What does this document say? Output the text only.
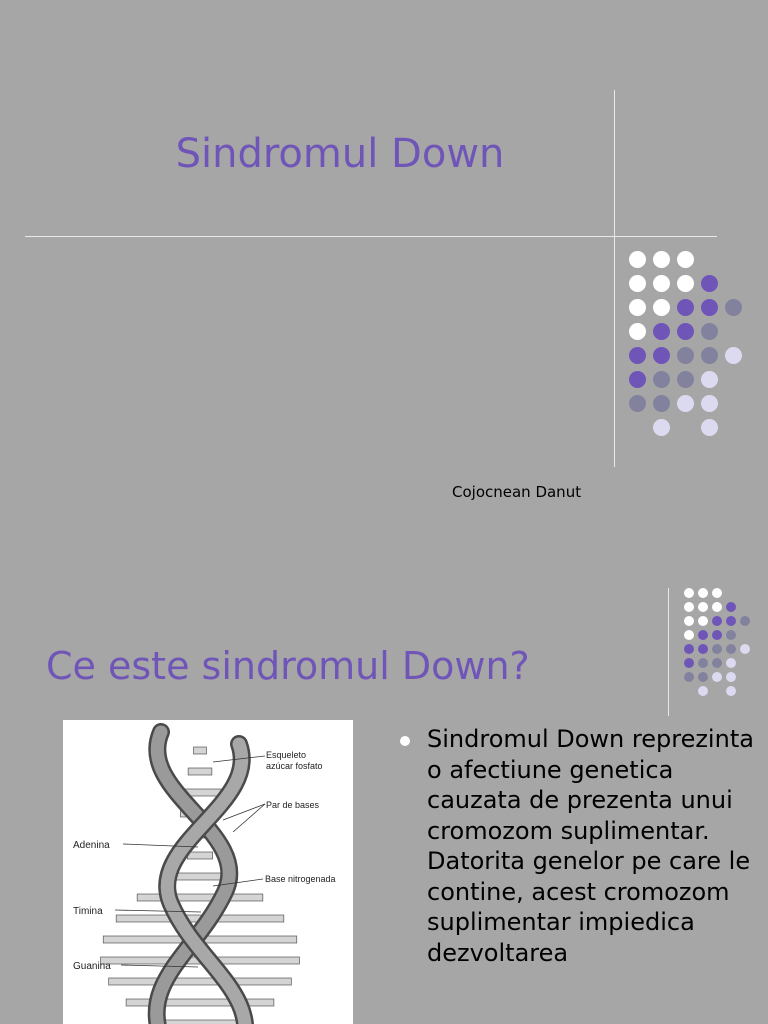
Sindromul Down
Cojocnean Danut
Ce este sindromul Down?
Esqueleto
azúcar fosfato
Par de bases
Adenina
Base nitrogenada
Timina
Guanina
Sindromul Down reprezinta o afectiune genetica cauzata de prezenta unui cromozom suplimentar. Datorita genelor pe care le contine, acest cromozom suplimentar impiedica dezvoltarea
